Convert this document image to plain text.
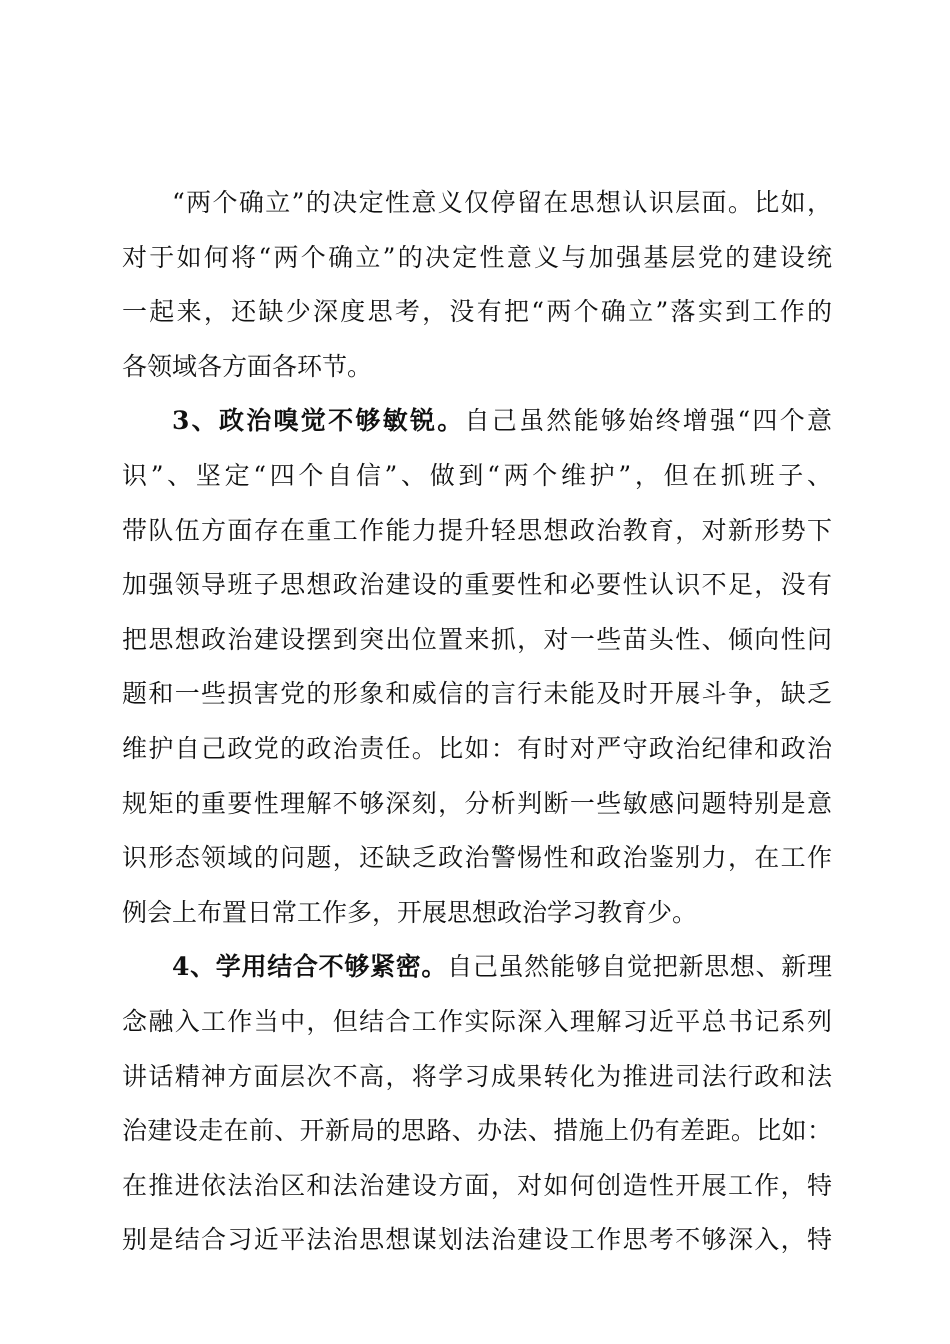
“两个确立”的决定性意义仅停留在思想认识层面。比如，
对于如何将“两个确立”的决定性意义与加强基层党的建设统
一起来，还缺少深度思考，没有把“两个确立”落实到工作的
各领域各方面各环节。
3、政治嗅觉不够敏锐。自己虽然能够始终增强“四个意
识”、坚定“四个自信”、做到“两个维护”，但在抓班子、
带队伍方面存在重工作能力提升轻思想政治教育，对新形势下
加强领导班子思想政治建设的重要性和必要性认识不足，没有
把思想政治建设摆到突出位置来抓，对一些苗头性、倾向性问
题和一些损害党的形象和威信的言行未能及时开展斗争，缺乏
维护自己政党的政治责任。比如：有时对严守政治纪律和政治
规矩的重要性理解不够深刻，分析判断一些敏感问题特别是意
识形态领域的问题，还缺乏政治警惕性和政治鉴别力，在工作
例会上布置日常工作多，开展思想政治学习教育少。
4、学用结合不够紧密。自己虽然能够自觉把新思想、新理
念融入工作当中，但结合工作实际深入理解习近平总书记系列
讲话精神方面层次不高，将学习成果转化为推进司法行政和法
治建设走在前、开新局的思路、办法、措施上仍有差距。比如：
在推进依法治区和法治建设方面，对如何创造性开展工作，特
别是结合习近平法治思想谋划法治建设工作思考不够深入，特
